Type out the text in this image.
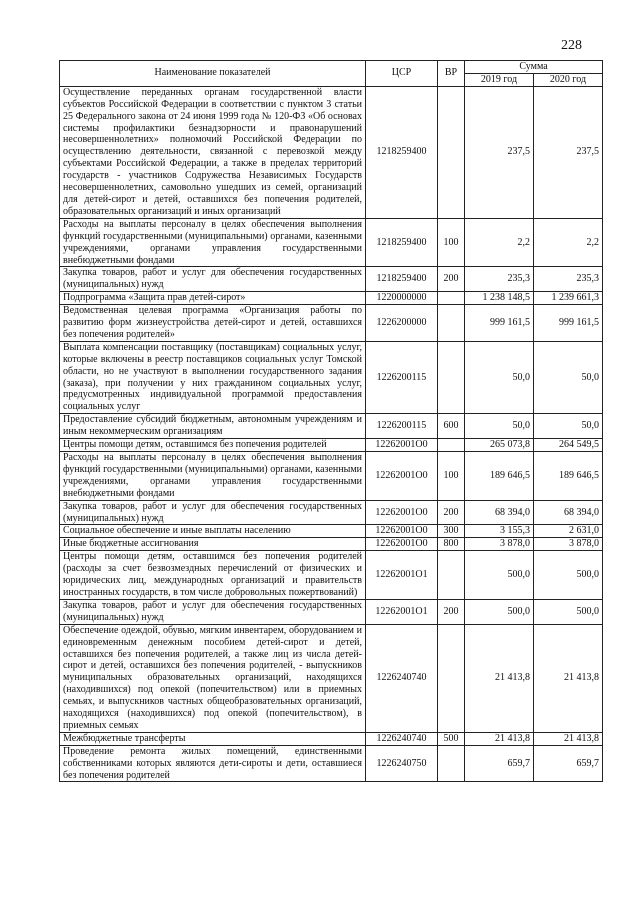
228
Наименование показателей	ЦСР	ВР	Сумма	
			2019 год	2020 год
Осуществление переданных органам государственной власти субъектов Российской Федерации в соответствии с пунктом 3 статьи 25 Федерального закона от 24 июня 1999 года № 120-ФЗ «Об основах системы профилактики безнадзорности и правонарушений несовершеннолетних» полномочий Российской Федерации по осуществлению деятельности, связанной с перевозкой между субъектами Российской Федерации, а также в пределах территорий государств - участников Содружества Независимых Государств несовершеннолетних, самовольно ушедших из семей, организаций для детей-сирот и детей, оставшихся без попечения родителей, образовательных организаций и иных организаций	1218259400		237,5	237,5
Расходы на выплаты персоналу в целях обеспечения выполнения функций государственными (муниципальными) органами, казенными учреждениями, органами управления государственными внебюджетными фондами	1218259400	100	2,2	2,2
Закупка товаров, работ и услуг для обеспечения государственных (муниципальных) нужд	1218259400	200	235,3	235,3
Подпрограмма «Защита прав детей-сирот»	1220000000		1 238 148,5	1 239 661,3
Ведомственная целевая программа «Организация работы по развитию форм жизнеустройства детей-сирот и детей, оставшихся без попечения родителей»	1226200000		999 161,5	999 161,5
Выплата компенсации поставщику (поставщикам) социальных услуг, которые включены в реестр поставщиков социальных услуг Томской области, но не участвуют в выполнении государственного задания (заказа), при получении у них гражданином социальных услуг, предусмотренных индивидуальной программой предоставления социальных услуг	1226200115		50,0	50,0
Предоставление субсидий бюджетным, автономным учреждениям и иным некоммерческим организациям	1226200115	600	50,0	50,0
Центры помощи детям, оставшимся без попечения родителей	12262001О0		265 073,8	264 549,5
Расходы на выплаты персоналу в целях обеспечения выполнения функций государственными (муниципальными) органами, казенными учреждениями, органами управления государственными внебюджетными фондами	12262001О0	100	189 646,5	189 646,5
Закупка товаров, работ и услуг для обеспечения государственных (муниципальных) нужд	12262001О0	200	68 394,0	68 394,0
Социальное обеспечение и иные выплаты населению	12262001О0	300	3 155,3	2 631,0
Иные бюджетные ассигнования	12262001О0	800	3 878,0	3 878,0
Центры помощи детям, оставшимся без попечения родителей (расходы за счет безвозмездных перечислений от физических и юридических лиц, международных организаций и правительств иностранных государств, в том числе добровольных пожертвований)	12262001О1		500,0	500,0
Закупка товаров, работ и услуг для обеспечения государственных (муниципальных) нужд	12262001О1	200	500,0	500,0
Обеспечение одеждой, обувью, мягким инвентарем, оборудованием и единовременным денежным пособием детей-сирот и детей, оставшихся без попечения родителей, а также лиц из числа детей-сирот и детей, оставшихся без попечения родителей, - выпускников муниципальных образовательных организаций, находящихся (находившихся) под опекой (попечительством) или в приемных семьях, и выпускников частных общеобразовательных организаций, находящихся (находившихся) под опекой (попечительством), в приемных семьях	1226240740		21 413,8	21 413,8
Межбюджетные трансферты	1226240740	500	21 413,8	21 413,8
Проведение ремонта жилых помещений, единственными собственниками которых являются дети-сироты и дети, оставшиеся без попечения родителей	1226240750		659,7	659,7
